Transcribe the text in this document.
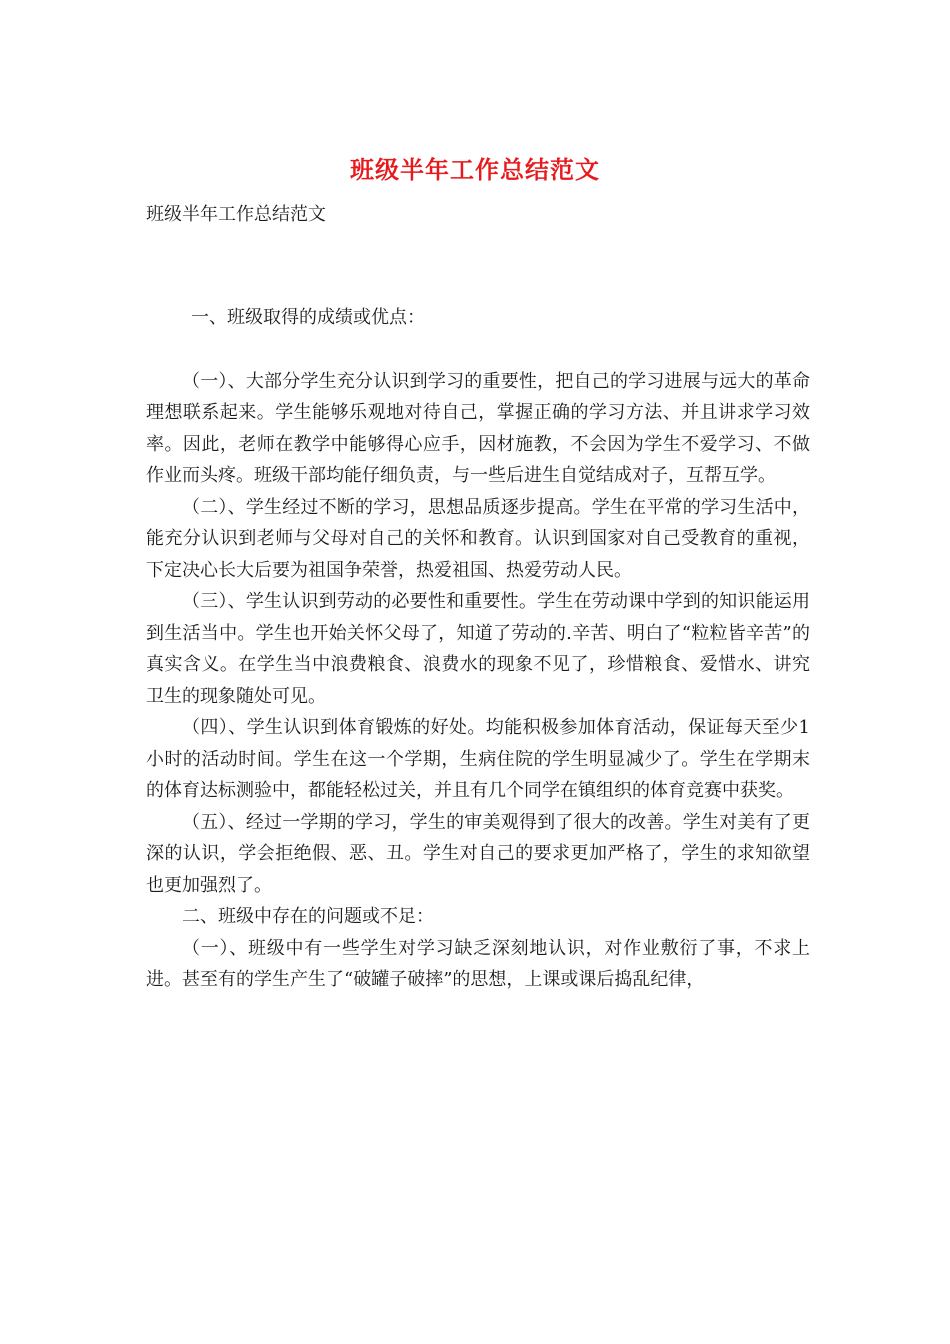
班级半年工作总结范文

班级半年工作总结范文

一、班级取得的成绩或优点：

（一）、大部分学生充分认识到学习的重要性，把自己的学习进展与远大的革命理想联系起来。学生能够乐观地对待自己，掌握正确的学习方法、并且讲求学习效率。因此，老师在教学中能够得心应手，因材施教，不会因为学生不爱学习、不做作业而头疼。班级干部均能仔细负责，与一些后进生自觉结成对子，互帮互学。

（二）、学生经过不断的学习，思想品质逐步提高。学生在平常的学习生活中，能充分认识到老师与父母对自己的关怀和教育。认识到国家对自己受教育的重视，下定决心长大后要为祖国争荣誉，热爱祖国、热爱劳动人民。

（三）、学生认识到劳动的必要性和重要性。学生在劳动课中学到的知识能运用到生活当中。学生也开始关怀父母了，知道了劳动的.辛苦、明白了“粒粒皆辛苦”的真实含义。在学生当中浪费粮食、浪费水的现象不见了，珍惜粮食、爱惜水、讲究卫生的现象随处可见。

（四）、学生认识到体育锻炼的好处。均能积极参加体育活动，保证每天至少1小时的活动时间。学生在这一个学期，生病住院的学生明显减少了。学生在学期末的体育达标测验中，都能轻松过关，并且有几个同学在镇组织的体育竞赛中获奖。

（五）、经过一学期的学习，学生的审美观得到了很大的改善。学生对美有了更深的认识，学会拒绝假、恶、丑。学生对自己的要求更加严格了，学生的求知欲望也更加强烈了。

二、班级中存在的问题或不足：

（一）、班级中有一些学生对学习缺乏深刻地认识，对作业敷衍了事，不求上进。甚至有的学生产生了“破罐子破摔”的思想，上课或课后捣乱纪律，
